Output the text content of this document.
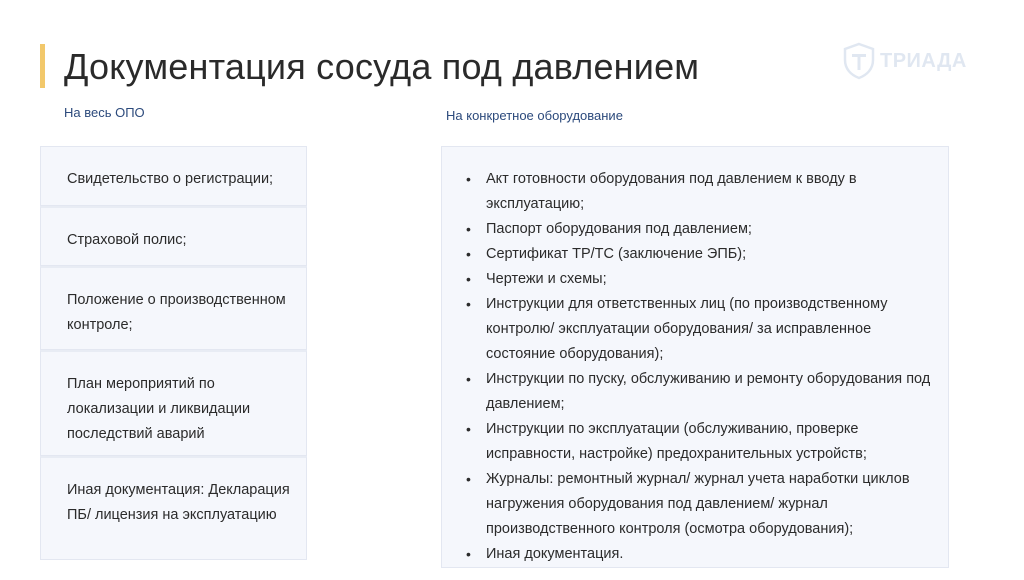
Документация сосуда под давлением	ТРИАДА
На весь ОПО	На конкретное оборудование
Свидетельство о регистрации;
Страховой полис;
Положение о производственном контроле;
План мероприятий по локализации и ликвидации последствий аварий
Иная документация: Декларация ПБ/ лицензия на эксплуатацию
• Акт готовности оборудования под давлением к вводу в эксплуатацию;
• Паспорт оборудования под давлением;
• Сертификат ТР/ТС (заключение ЭПБ);
• Чертежи и схемы;
• Инструкции для ответственных лиц (по производственному контролю/ эксплуатации оборудования/ за исправленное состояние оборудования);
• Инструкции по пуску, обслуживанию и ремонту оборудования под давлением;
• Инструкции по эксплуатации (обслуживанию, проверке исправности, настройке) предохранительных устройств;
• Журналы: ремонтный журнал/ журнал учета наработки циклов нагружения оборудования под давлением/ журнал производственного контроля (осмотра оборудования);
• Иная документация.
